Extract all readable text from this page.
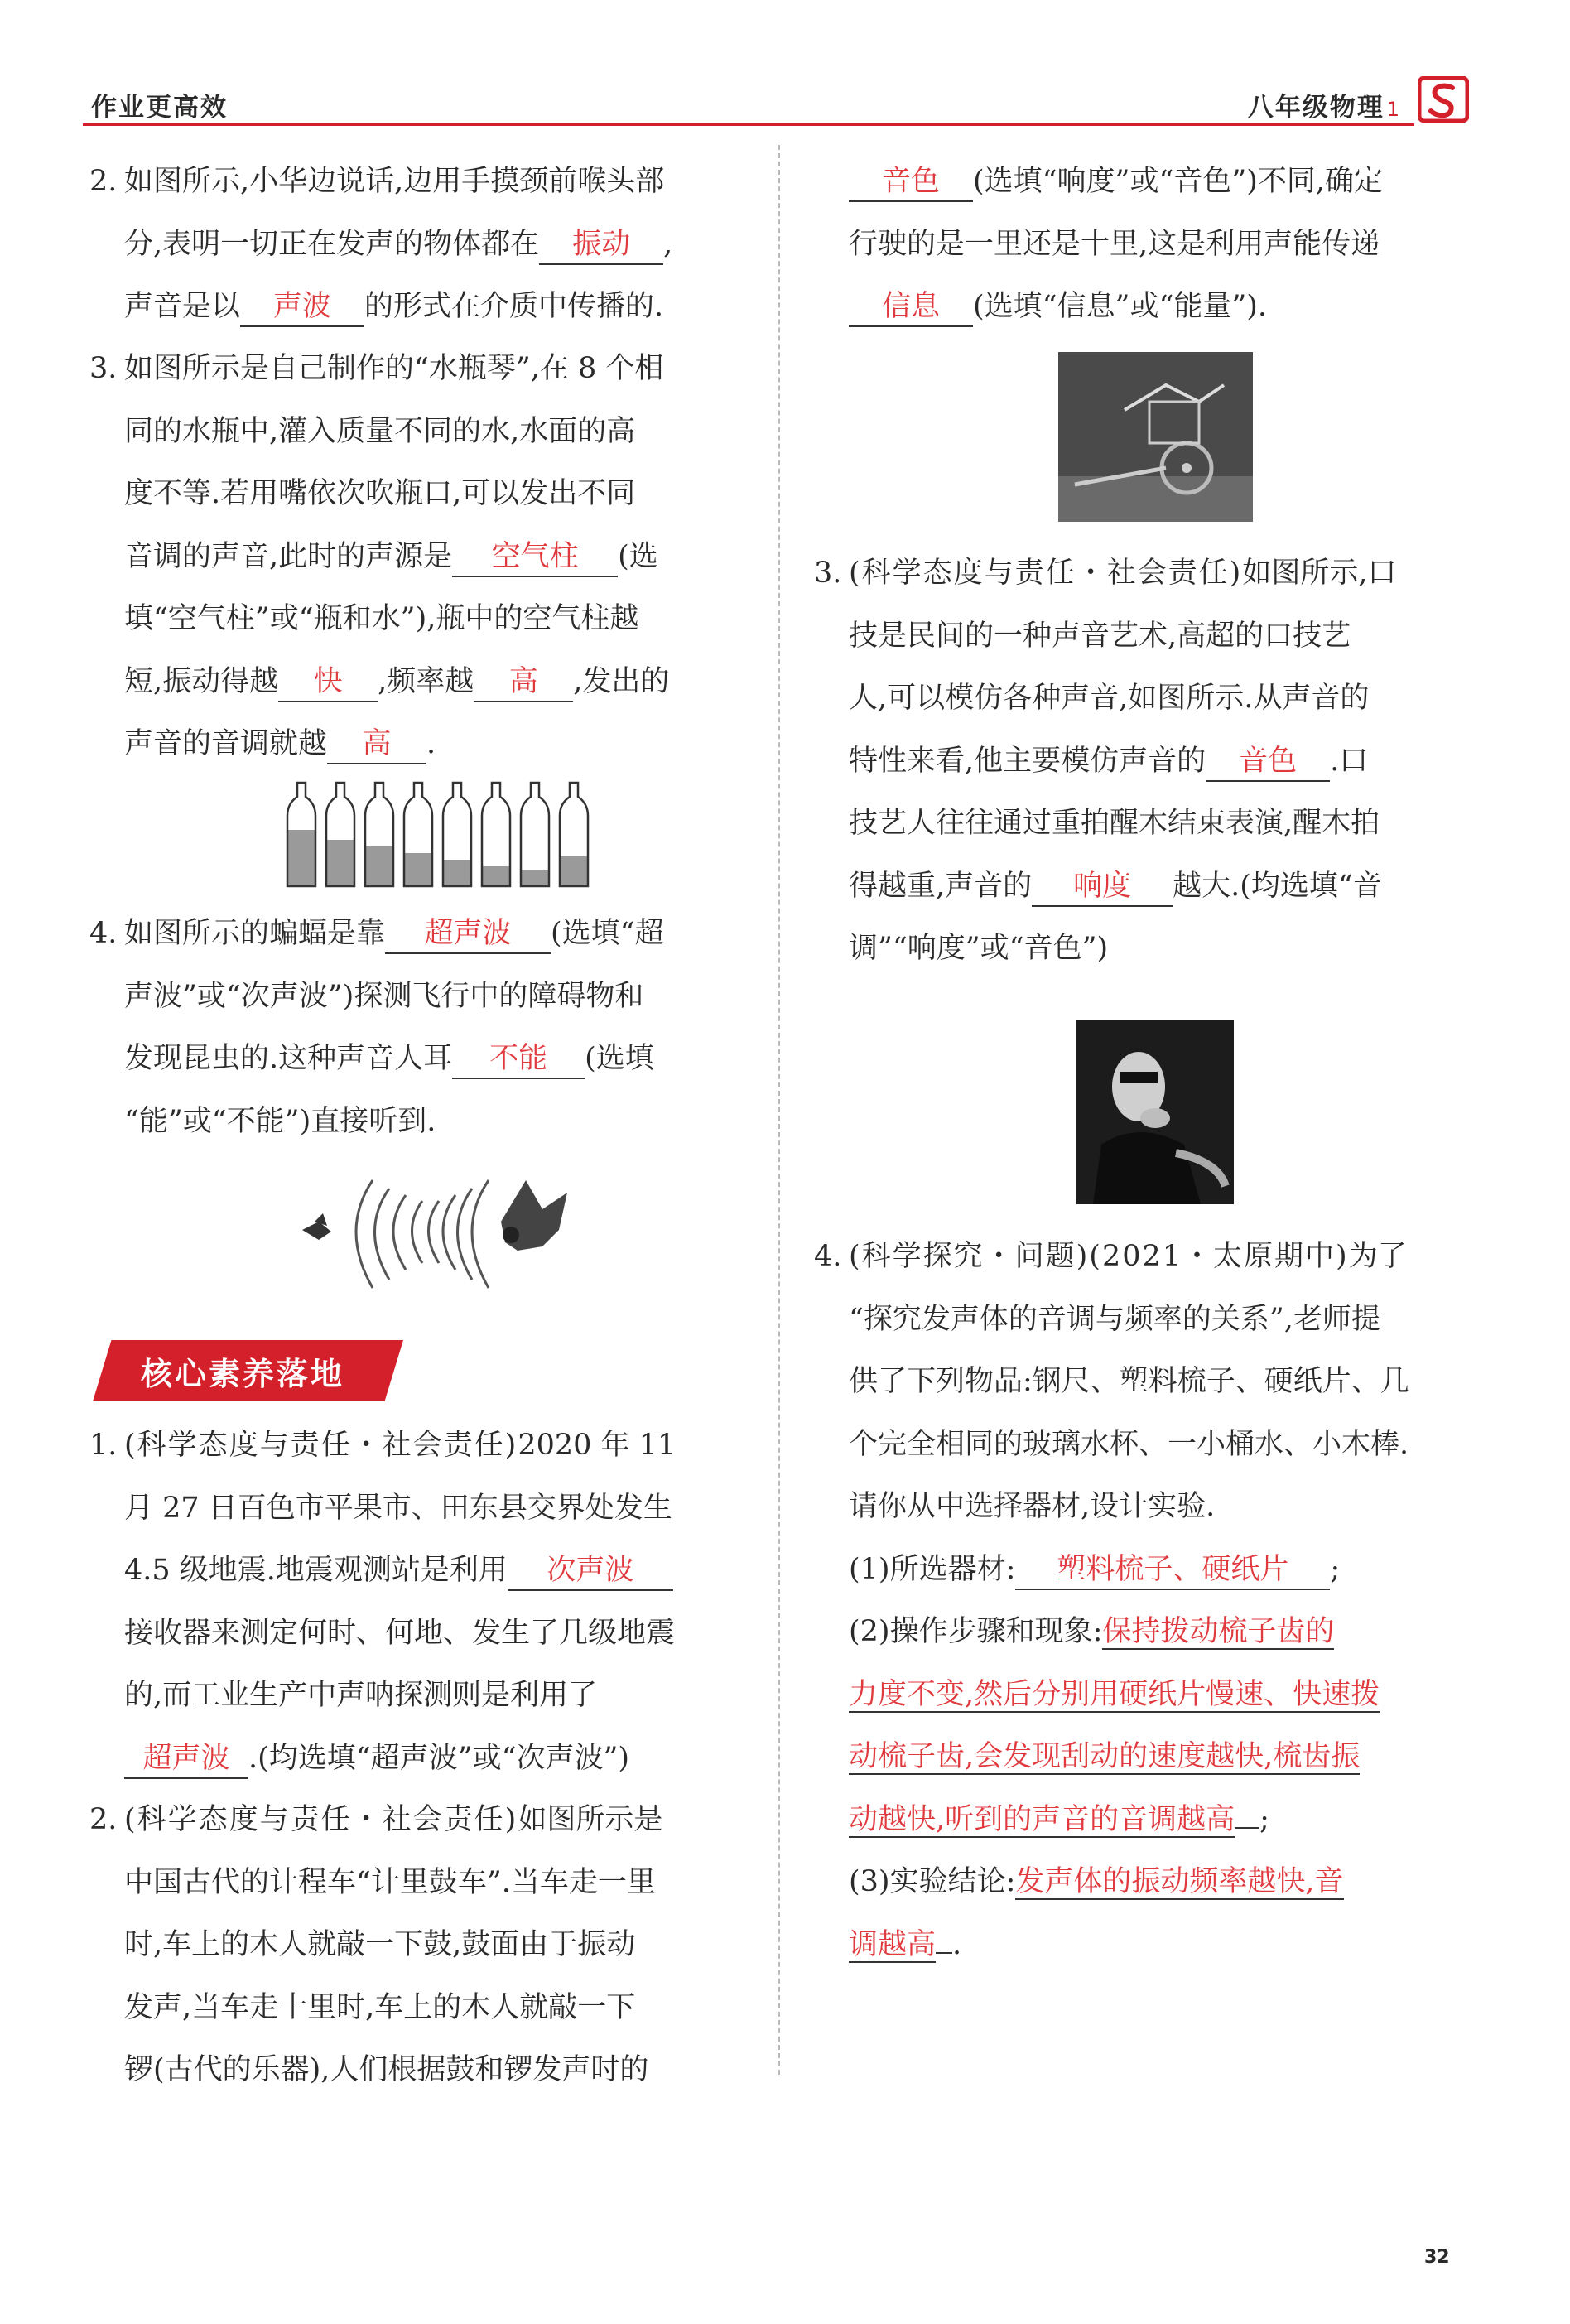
作业更高效	八年级物理 1
2. 如图所示,小华边说话,边用手摸颈前喉头部
分,表明一切正在发声的物体都在 振动 ,
声音是以 声波 的形式在介质中传播的.
3. 如图所示是自己制作的“水瓶琴”,在 8 个相
同的水瓶中,灌入质量不同的水,水面的高
度不等.若用嘴依次吹瓶口,可以发出不同
音调的声音,此时的声源是 空气柱 (选
填“空气柱”或“瓶和水”),瓶中的空气柱越
短,振动得越 快 ,频率越 高 ,发出的
声音的音调就越 高 .
4. 如图所示的蝙蝠是靠 超声波 (选填“超
声波”或“次声波”)探测飞行中的障碍物和
发现昆虫的.这种声音人耳 不能 (选填
“能”或“不能”)直接听到.
核心素养落地
1. (科学态度与责任・社会责任)2020 年 11
月 27 日百色市平果市、田东县交界处发生
4.5 级地震.地震观测站是利用 次声波
接收器来测定何时、何地、发生了几级地震
的,而工业生产中声呐探测则是利用了
超声波 .(均选填“超声波”或“次声波”)
2. (科学态度与责任・社会责任)如图所示是
中国古代的计程车“计里鼓车”.当车走一里
时,车上的木人就敲一下鼓,鼓面由于振动
发声,当车走十里时,车上的木人就敲一下
锣(古代的乐器),人们根据鼓和锣发声时的
音色 (选填“响度”或“音色”)不同,确定
行驶的是一里还是十里,这是利用声能传递
信息 (选填“信息”或“能量”).
3. (科学态度与责任・社会责任)如图所示,口
技是民间的一种声音艺术,高超的口技艺
人,可以模仿各种声音,如图所示.从声音的
特性来看,他主要模仿声音的 音色 .口
技艺人往往通过重拍醒木结束表演,醒木拍
得越重,声音的 响度 越大.(均选填“音
调”“响度”或“音色”)
4. (科学探究・问题)(2021・太原期中)为了
“探究发声体的音调与频率的关系”,老师提
供了下列物品:钢尺、塑料梳子、硬纸片、几
个完全相同的玻璃水杯、一小桶水、小木棒.
请你从中选择器材,设计实验.
(1)所选器材: 塑料梳子、硬纸片 ;
(2)操作步骤和现象:保持拨动梳子齿的
力度不变,然后分别用硬纸片慢速、快速拨
动梳子齿,会发现刮动的速度越快,梳齿振
动越快,听到的声音的音调越高 ;
(3)实验结论:发声体的振动频率越快,音
调越高 .
32
